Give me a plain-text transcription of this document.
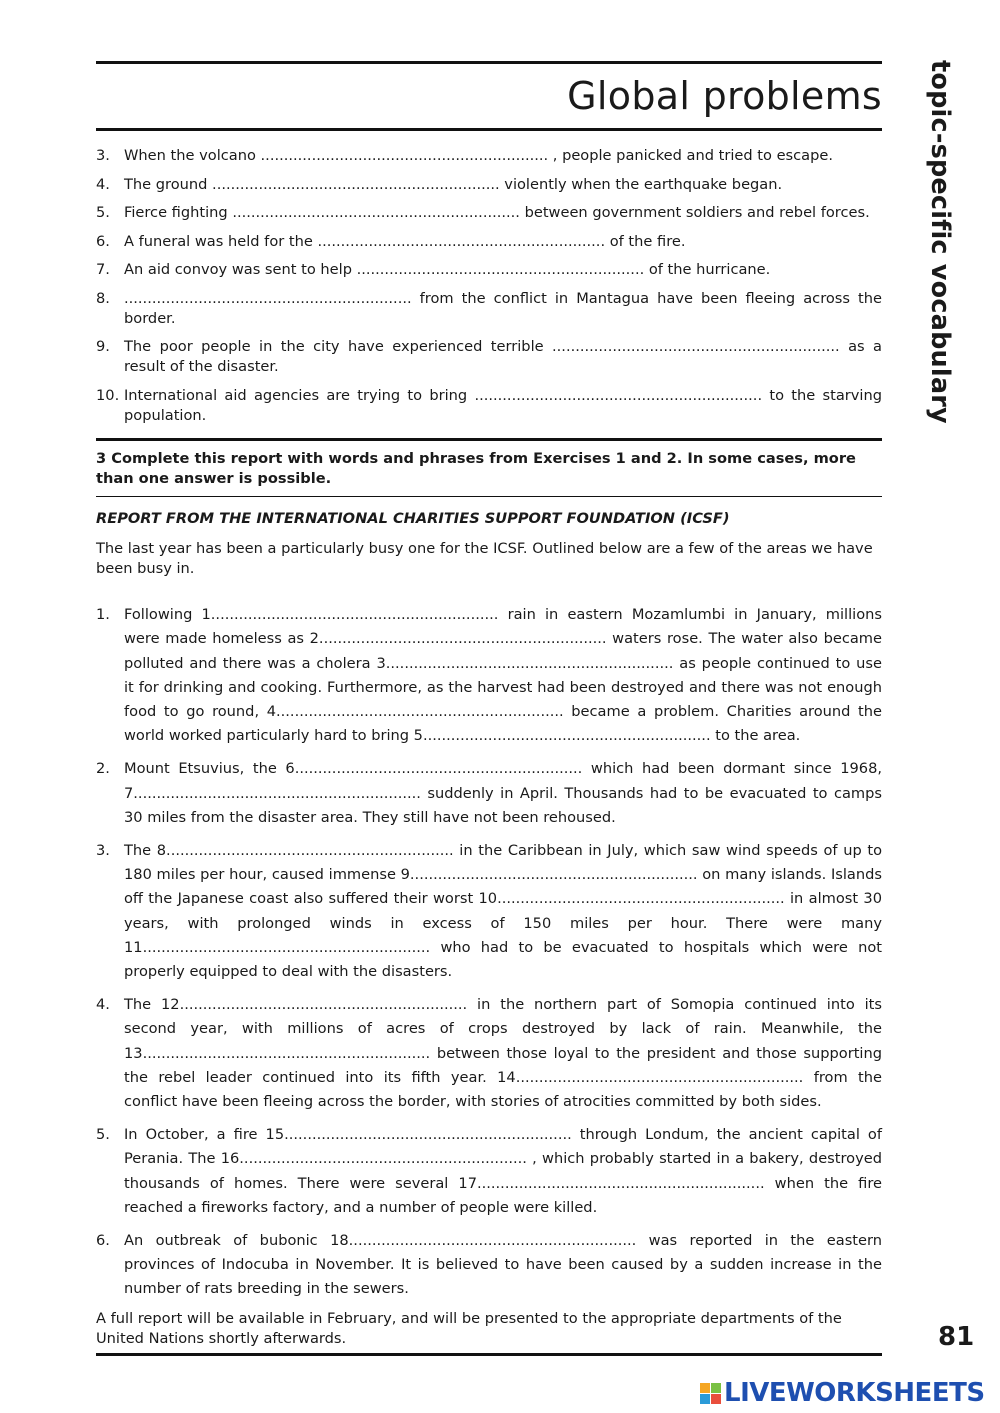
Global problems topic-specific vocabulary
3. When the volcano .............................................................. , people panicked and tried to escape.
4. The ground .............................................................. violently when the earthquake began.
5. Fierce fighting .............................................................. between government soldiers and rebel forces.
6. A funeral was held for the .............................................................. of the fire.
7. An aid convoy was sent to help .............................................................. of the hurricane.
8. .............................................................. from the conflict in Mantagua have been fleeing across the border.
9. The poor people in the city have experienced terrible .............................................................. as a result of the disaster.
10. International aid agencies are trying to bring .............................................................. to the starving population.
3 Complete this report with words and phrases from Exercises 1 and 2. In some cases, more than one answer is possible.
REPORT FROM THE INTERNATIONAL CHARITIES SUPPORT FOUNDATION (ICSF)
The last year has been a particularly busy one for the ICSF. Outlined below are a few of the areas we have been busy in.
1. Following 1.............................................................. rain in eastern Mozamlumbi in January, millions were made homeless as 2.............................................................. waters rose. The water also became polluted and there was a cholera 3.............................................................. as people continued to use it for drinking and cooking. Furthermore, as the harvest had been destroyed and there was not enough food to go round, 4.............................................................. became a problem. Charities around the world worked particularly hard to bring 5.............................................................. to the area.
2. Mount Etsuvius, the 6.............................................................. which had been dormant since 1968, 7.............................................................. suddenly in April. Thousands had to be evacuated to camps 30 miles from the disaster area. They still have not been rehoused.
3. The 8.............................................................. in the Caribbean in July, which saw wind speeds of up to 180 miles per hour, caused immense 9.............................................................. on many islands. Islands off the Japanese coast also suffered their worst 10.............................................................. in almost 30 years, with prolonged winds in excess of 150 miles per hour. There were many 11.............................................................. who had to be evacuated to hospitals which were not properly equipped to deal with the disasters.
4. The 12.............................................................. in the northern part of Somopia continued into its second year, with millions of acres of crops destroyed by lack of rain. Meanwhile, the 13.............................................................. between those loyal to the president and those supporting the rebel leader continued into its fifth year. 14.............................................................. from the conflict have been fleeing across the border, with stories of atrocities committed by both sides.
5. In October, a fire 15.............................................................. through Londum, the ancient capital of Perania. The 16.............................................................. , which probably started in a bakery, destroyed thousands of homes. There were several 17.............................................................. when the fire reached a fireworks factory, and a number of people were killed.
6. An outbreak of bubonic 18.............................................................. was reported in the eastern provinces of Indocuba in November. It is believed to have been caused by a sudden increase in the number of rats breeding in the sewers.
A full report will be available in February, and will be presented to the appropriate departments of the United Nations shortly afterwards.	81
LIVEWORKSHEETS
